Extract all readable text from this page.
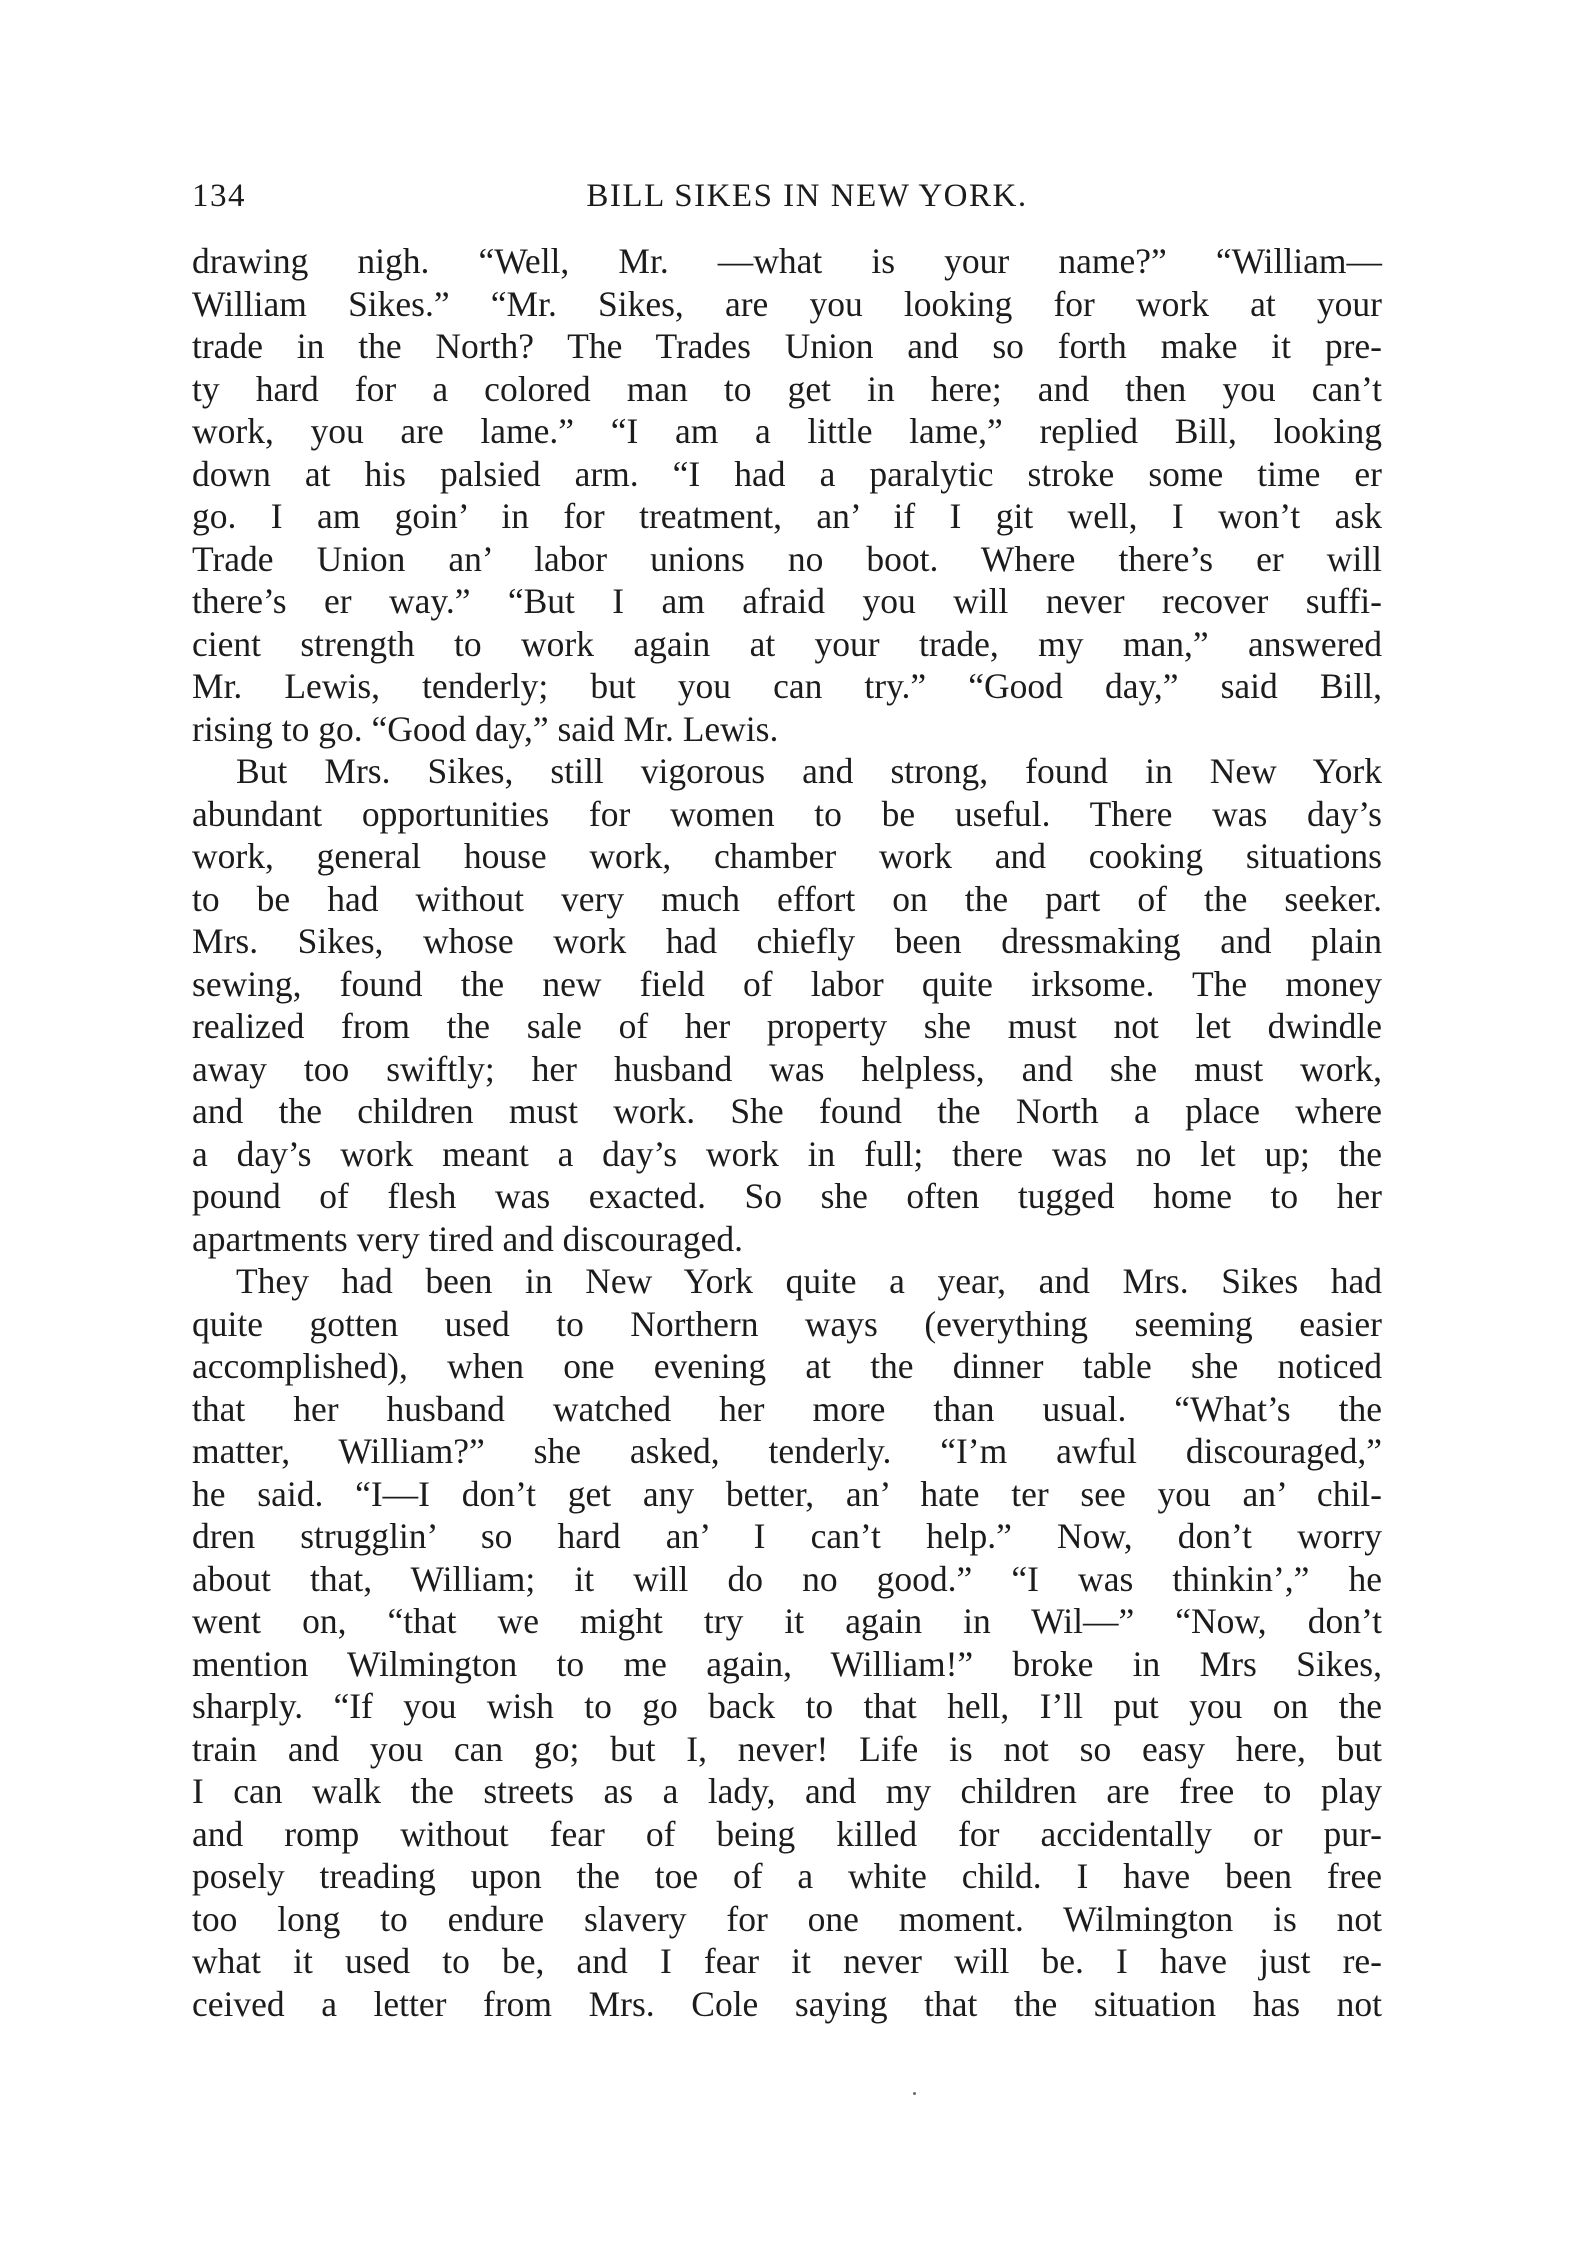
134	BILL SIKES IN NEW YORK.
drawing nigh. “Well, Mr. —what is your name?” “William—
William Sikes.” “Mr. Sikes, are you looking for work at your
trade in the North? The Trades Union and so forth make it pre-
ty hard for a colored man to get in here; and then you can’t
work, you are lame.” “I am a little lame,” replied Bill, looking
down at his palsied arm. “I had a paralytic stroke some time er
go. I am goin’ in for treatment, an’ if I git well, I won’t ask
Trade Union an’ labor unions no boot. Where there’s er will
there’s er way.” “But I am afraid you will never recover suffi-
cient strength to work again at your trade, my man,” answered
Mr. Lewis, tenderly; but you can try.” “Good day,” said Bill,
rising to go. “Good day,” said Mr. Lewis.
But Mrs. Sikes, still vigorous and strong, found in New York
abundant opportunities for women to be useful. There was day’s
work, general house work, chamber work and cooking situations
to be had without very much effort on the part of the seeker.
Mrs. Sikes, whose work had chiefly been dressmaking and plain
sewing, found the new field of labor quite irksome. The money
realized from the sale of her property she must not let dwindle
away too swiftly; her husband was helpless, and she must work,
and the children must work. She found the North a place where
a day’s work meant a day’s work in full; there was no let up; the
pound of flesh was exacted. So she often tugged home to her
apartments very tired and discouraged.
They had been in New York quite a year, and Mrs. Sikes had
quite gotten used to Northern ways (everything seeming easier
accomplished), when one evening at the dinner table she noticed
that her husband watched her more than usual. “What’s the
matter, William?” she asked, tenderly. “I’m awful discouraged,”
he said. “I—I don’t get any better, an’ hate ter see you an’ chil-
dren strugglin’ so hard an’ I can’t help.” Now, don’t worry
about that, William; it will do no good.” “I was thinkin’,” he
went on, “that we might try it again in Wil—” “Now, don’t
mention Wilmington to me again, William!” broke in Mrs Sikes,
sharply. “If you wish to go back to that hell, I’ll put you on the
train and you can go; but I, never! Life is not so easy here, but
I can walk the streets as a lady, and my children are free to play
and romp without fear of being killed for accidentally or pur-
posely treading upon the toe of a white child. I have been free
too long to endure slavery for one moment. Wilmington is not
what it used to be, and I fear it never will be. I have just re-
ceived a letter from Mrs. Cole saying that the situation has not
